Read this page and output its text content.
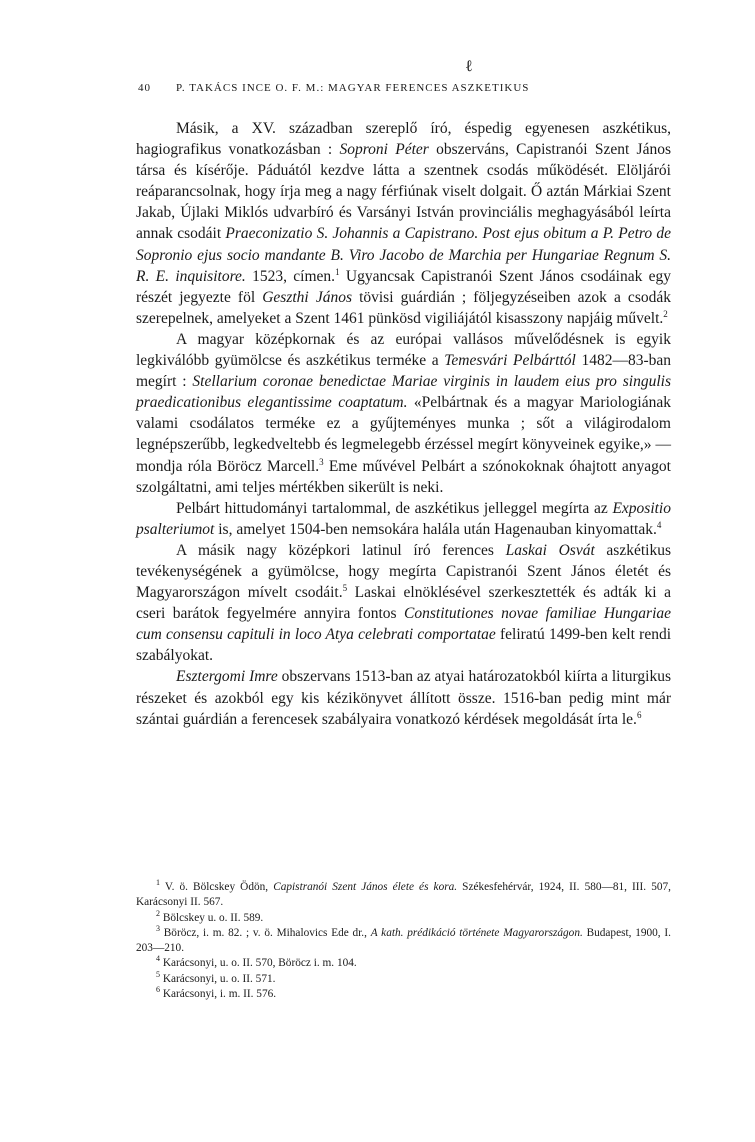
ℓ
40 P. TAKÁCS INCE O. F. M.: MAGYAR FERENCES ASZKETIKUS

Másik, a XV. században szereplő író, éspedig egyenesen aszkétikus, hagiografikus vonatkozásban : Soproni Péter obszerváns, Capistranói Szent János társa és kísérője. Páduától kezdve látta a szentnek csodás működését. Elöljárói reáparancsolnak, hogy írja meg a nagy férfiúnak viselt dolgait. Ő aztán Márkiai Szent Jakab, Újlaki Miklós udvarbíró és Varsányi István provinciális meghagyásából leírta annak csodáit Praeconizatio S. Johannis a Capistrano. Post ejus obitum a P. Petro de Sopronio ejus socio mandante B. Viro Jacobo de Marchia per Hungariae Regnum S. R. E. inquisitore. 1523, címen.$^1$ Ugyancsak Capistranói Szent János csodáinak egy részét jegyezte föl Geszthi János tövisi guárdián ; följegyzéseiben azok a csodák szerepelnek, amelyeket a Szent 1461 pünkösd vigiliájától kisasszony napjáig művelt.$^2$

A magyar középkornak és az európai vallásos művelődésnek is egyik legkiválóbb gyümölcse és aszkétikus terméke a Temesvári Pelbárttól 1482—83-ban megírt : Stellarium coronae benedictae Mariae virginis in laudem eius pro singulis praedicationibus elegantissime coaptatum. «Pelbártnak és a magyar Mariologiának valami csodálatos terméke ez a gyűjteményes munka ; sőt a világirodalom legnépszerűbb, legkedveltebb és legmelegebb érzéssel megírt könyveinek egyike,» — mondja róla Böröcz Marcell.$^3$ Eme művével Pelbárt a szónokoknak óhajtott anyagot szolgáltatni, ami teljes mértékben sikerült is neki.

Pelbárt hittudományi tartalommal, de aszkétikus jelleggel megírta az Expositio psalteriumot is, amelyet 1504-ben nemsokára halála után Hagenauban kinyomattak.$^4$

A másik nagy középkori latinul író ferences Laskai Osvát aszkétikus tevékenységének a gyümölcse, hogy megírta Capistranói Szent János életét és Magyarországon mívelt csodáit.$^5$ Laskai elnöklésével szerkesztették és adták ki a cseri barátok fegyelmére annyira fontos Constitutiones novae familiae Hungariae cum consensu capituli in loco Atya celebrati comportatae feliratú 1499-ben kelt rendi szabályokat.

Esztergomi Imre obszervans 1513-ban az atyai határozatokból kiírta a liturgikus részeket és azokból egy kis kézikönyvet állított össze. 1516-ban pedig mint már szántai guárdián a ferencesek szabályaira vonatkozó kérdések megoldását írta le.$^6$

$^1$ V. ö. Bölcskey Ödön, Capistranói Szent János élete és kora. Székesfehérvár, 1924, II. 580—81, III. 507, Karácsonyi II. 567.

$^2$ Bölcskey u. o. II. 589.

$^3$ Böröcz, i. m. 82. ; v. ö. Mihalovics Ede dr., A kath. prédikáció története Magyarországon. Budapest, 1900, I. 203—210.

$^4$ Karácsonyi, u. o. II. 570, Böröcz i. m. 104.

$^5$ Karácsonyi, u. o. II. 571.

$^6$ Karácsonyi, i. m. II. 576.
